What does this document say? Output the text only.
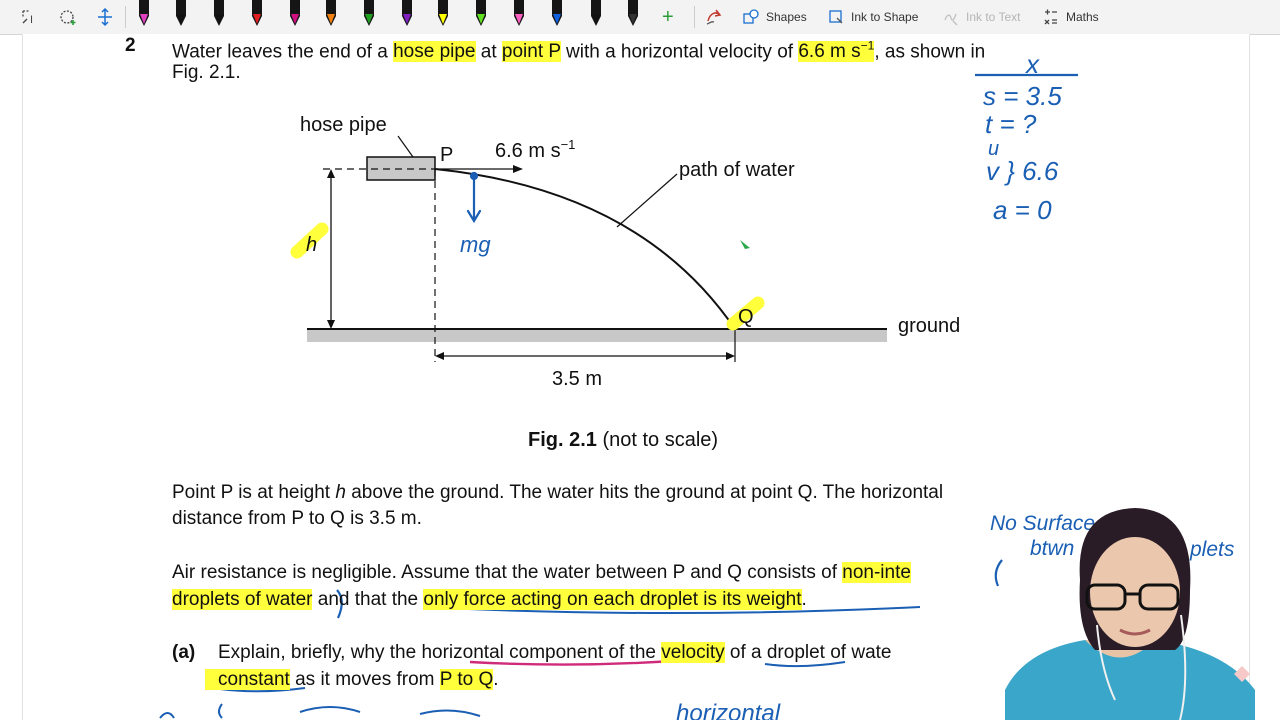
I	+	Shapes	Ink to Shape	Ink to Text	Maths
2 Water leaves the end of a hose pipe at point P with a horizontal velocity of 6.6 m $s^{-1}$, as shown in
Fig. 2.1.
hose pipe
P 6.6 m $s^{-1}$
path of water
h
Q	ground
3.5 m
Fig. 2.1 (not to scale)
mg
x
s = 3.5
t = ?
u
v } 6.6
a = 0
No Surface
btwn	plets
horizontal
Point P is at height h above the ground. The water hits the ground at point Q. The horizontal
distance from P to Q is 3.5 m.
Air resistance is negligible. Assume that the water between P and Q consists of non-inte
droplets of water and that the only force acting on each droplet is its weight.
(a) Explain, briefly, why the horizontal component of the velocity of a droplet of wate
constant as it moves from P to Q.
